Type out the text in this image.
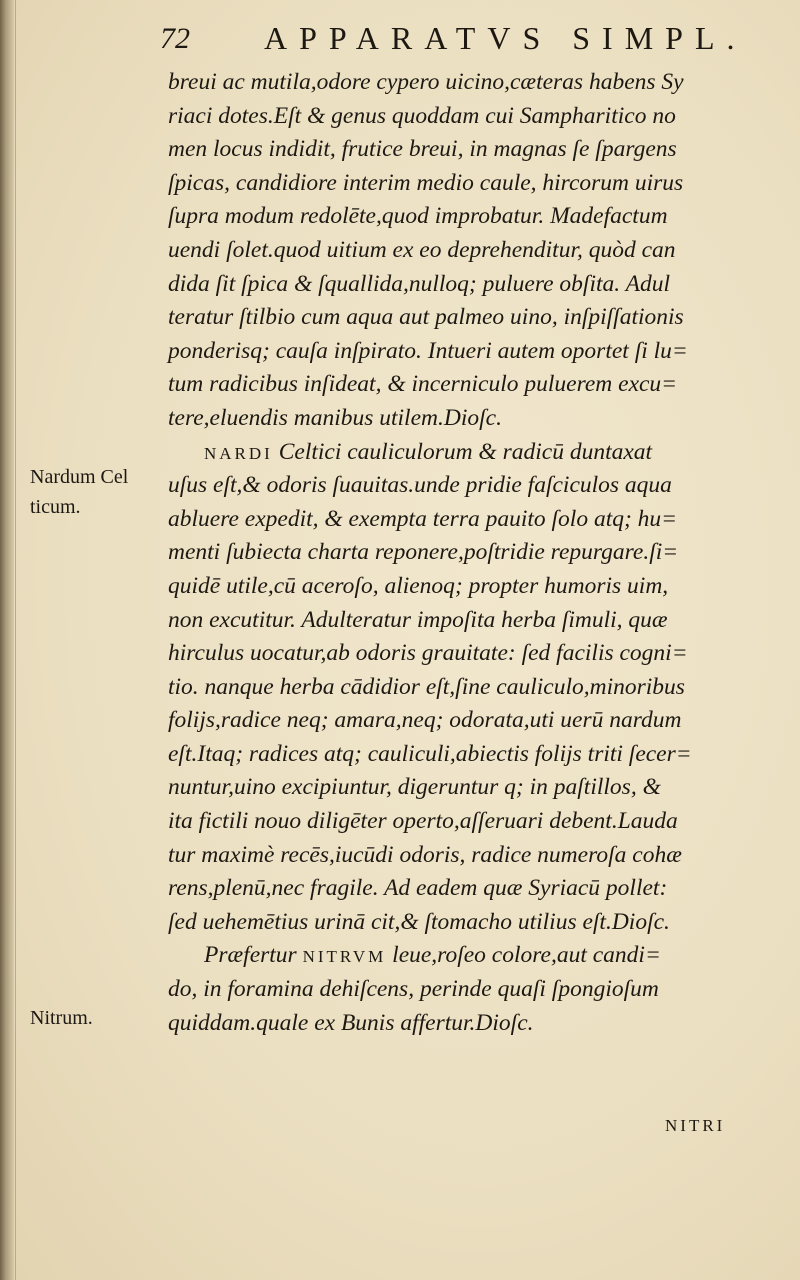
72 APPARATVS SIMPL.
Nardum Cel
ticum.
Nitrum.
breui ac mutila,odore cypero uicino,cæteras habens Sy
riaci dotes.Eſt & genus quoddam cui Sampharitico no
men locus indidit, frutice breui, in magnas ſe ſpargens
ſpicas, candidiore interim medio caule, hircorum uirus
ſupra modum redolēte,quod improbatur. Madefactum
uendi ſolet.quod uitium ex eo deprehenditur, quòd can
dida ſit ſpica & ſquallida,nulloq; puluere obſita. Adul
teratur ſtilbio cum aqua aut palmeo uino, inſpiſſationis
ponderisq; cauſa inſpirato. Intueri autem oportet ſi lu=
tum radicibus inſideat, & incerniculo puluerem excu=
tere,eluendis manibus utilem.Dioſc.
NARDI Celtici cauliculorum & radicū duntaxat
uſus eſt,& odoris ſuauitas.unde pridie faſciculos aqua
abluere expedit, & exempta terra pauito ſolo atq; hu=
menti ſubiecta charta reponere,poſtridie repurgare.ſi=
quidē utile,cū aceroſo, alienoq; propter humoris uim,
non excutitur. Adulteratur impoſita herba ſimuli, quæ
hirculus uocatur,ab odoris grauitate: ſed facilis cogni=
tio. nanque herba cādidior eſt,ſine cauliculo,minoribus
folijs,radice neq; amara,neq; odorata,uti uerū nardum
eſt.Itaq; radices atq; cauliculi,abiectis folijs triti ſecer=
nuntur,uino excipiuntur, digeruntur q; in paſtillos, &
ita fictili nouo diligēter operto,aſſeruari debent.Lauda
tur maximè recēs,iucūdi odoris, radice numeroſa cohæ
rens,plenū,nec fragile. Ad eadem quæ Syriacū pollet:
ſed uehemētius urinā cit,& ſtomacho utilius eſt.Dioſc.
Præfertur NITRVM leue,roſeo colore,aut candi=
do, in foramina dehiſcens, perinde quaſi ſpongioſum
quiddam.quale ex Bunis affertur.Dioſc.
NITRI
